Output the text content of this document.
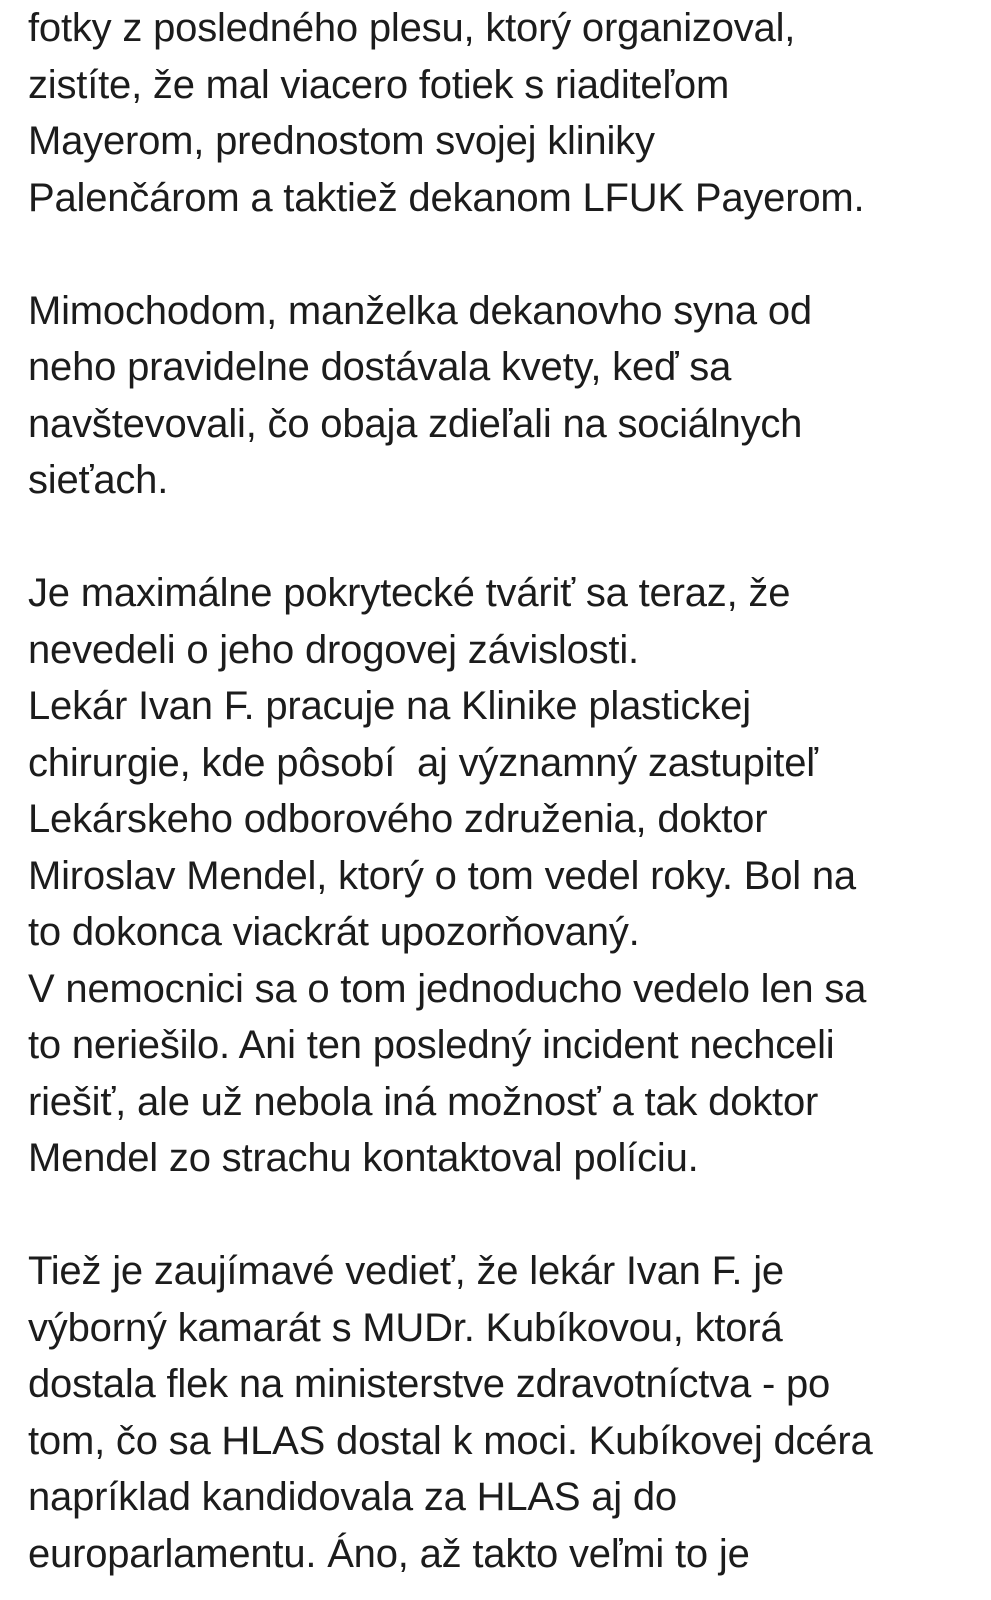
fotky z posledného plesu, ktorý organizoval,
zistíte, že mal viacero fotiek s riaditeľom
Mayerom, prednostom svojej kliniky
Palenčárom a taktiež dekanom LFUK Payerom.
Mimochodom, manželka dekanovho syna od
neho pravidelne dostávala kvety, keď sa
navštevovali, čo obaja zdieľali na sociálnych
sieťach.
Je maximálne pokrytecké tváriť sa teraz, že
nevedeli o jeho drogovej závislosti.
Lekár Ivan F. pracuje na Klinike plastickej
chirurgie, kde pôsobí  aj významný zastupiteľ
Lekárskeho odborového združenia, doktor
Miroslav Mendel, ktorý o tom vedel roky. Bol na
to dokonca viackrát upozorňovaný.
V nemocnici sa o tom jednoducho vedelo len sa
to neriešilo. Ani ten posledný incident nechceli
riešiť, ale už nebola iná možnosť a tak doktor
Mendel zo strachu kontaktoval políciu.
Tiež je zaujímavé vedieť, že lekár Ivan F. je
výborný kamarát s MUDr. Kubíkovou, ktorá
dostala flek na ministerstve zdravotníctva - po
tom, čo sa HLAS dostal k moci. Kubíkovej dcéra
napríklad kandidovala za HLAS aj do
europarlamentu. Áno, až takto veľmi to je
